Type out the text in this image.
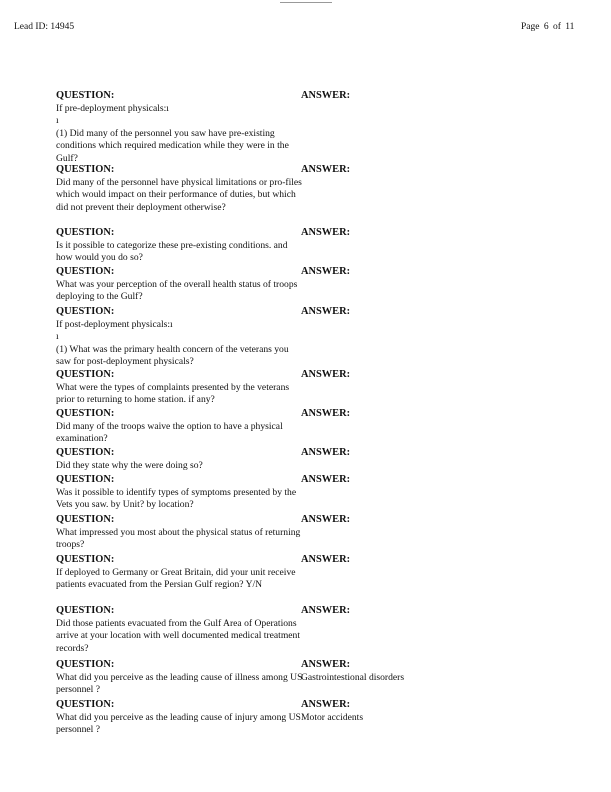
Lead ID: 14945	Page 6 of 11
QUESTION:
If pre-deployment physicals:ı
ı
(1) Did many of the personnel you saw have pre-existing conditions which required medication while they were in the Gulf?
ANSWER:
QUESTION:
Did many of the personnel have physical limitations or pro-files which would impact on their performance of duties, but which did not prevent their deployment otherwise?
ANSWER:
QUESTION:
Is it possible to categorize these pre-existing conditions. and how would you do so?
ANSWER:
QUESTION:
What was your perception of the overall health status of troops deploying to the Gulf?
ANSWER:
QUESTION:
If post-deployment physicals:ı
ı
(1) What was the primary health concern of the veterans you saw for post-deployment physicals?
ANSWER:
QUESTION:
What were the types of complaints presented by the veterans prior to returning to home station. if any?
ANSWER:
QUESTION:
Did many of the troops waive the option to have a physical examination?
ANSWER:
QUESTION:
Did they state why the were doing so?
ANSWER:
QUESTION:
Was it possible to identify types of symptoms presented by the Vets you saw. by Unit? by location?
ANSWER:
QUESTION:
What impressed you most about the physical status of returning troops?
ANSWER:
QUESTION:
If deployed to Germany or Great Britain, did your unit receive patients evacuated from the Persian Gulf region? Y/N
ANSWER:
QUESTION:
Did those patients evacuated from the Gulf Area of Operations arrive at your location with well documented medical treatment records?
ANSWER:
QUESTION:
What did you perceive as the leading cause of illness among US personnel ?
ANSWER:
Gastrointestional disorders
QUESTION:
What did you perceive as the leading cause of injury among US personnel ?
ANSWER:
Motor accidents
